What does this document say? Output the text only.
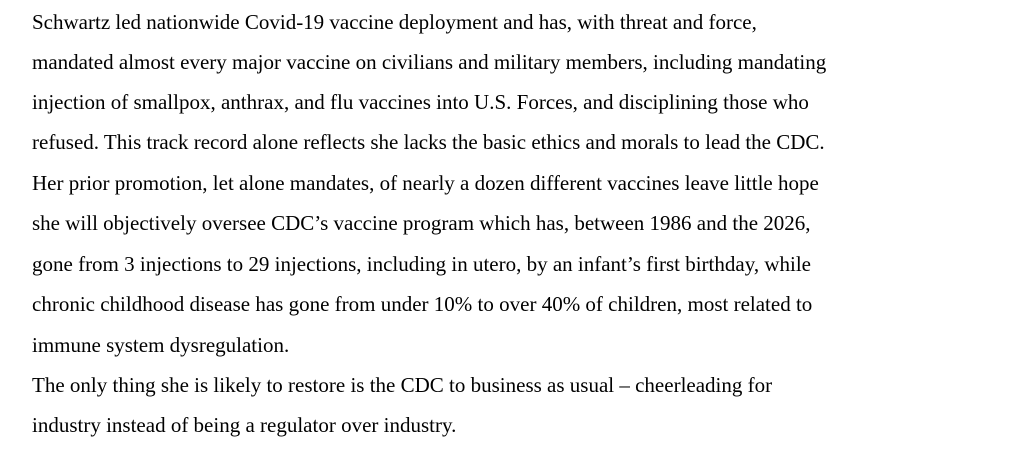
Schwartz led nationwide Covid-19 vaccine deployment and has, with threat and force,
mandated almost every major vaccine on civilians and military members, including mandating
injection of smallpox, anthrax, and flu vaccines into U.S. Forces, and disciplining those who
refused. This track record alone reflects she lacks the basic ethics and morals to lead the CDC.
Her prior promotion, let alone mandates, of nearly a dozen different vaccines leave little hope
she will objectively oversee CDC’s vaccine program which has, between 1986 and the 2026,
gone from 3 injections to 29 injections, including in utero, by an infant’s first birthday, while
chronic childhood disease has gone from under 10% to over 40% of children, most related to
immune system dysregulation.
The only thing she is likely to restore is the CDC to business as usual – cheerleading for
industry instead of being a regulator over industry.
